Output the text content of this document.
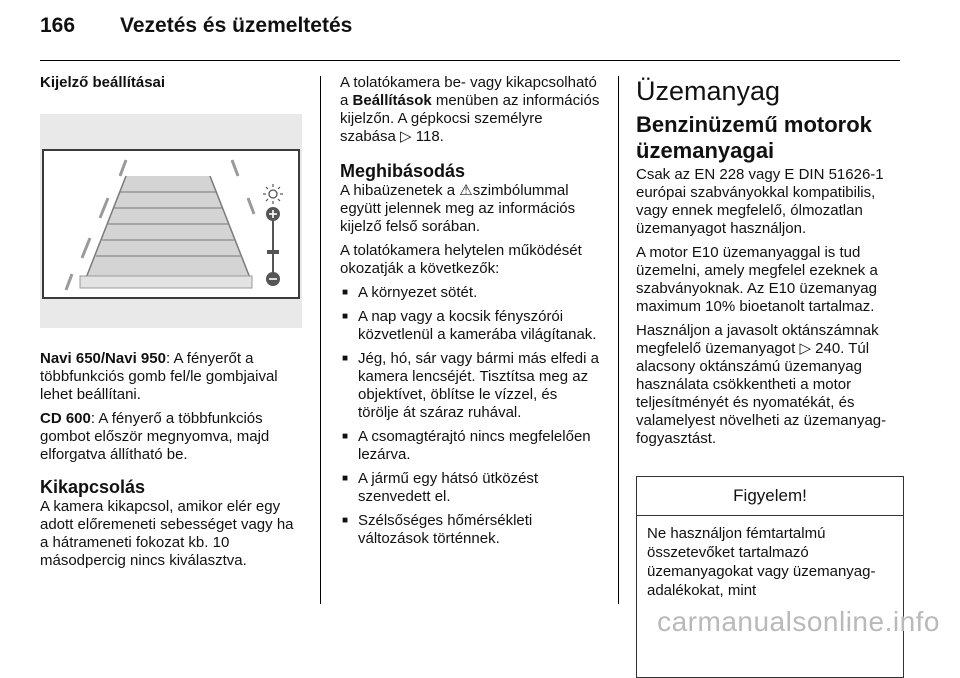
166 Vezetés és üzemeltetés
Kijelző beállításai

Navi 650/Navi 950: A fényerőt a többfunkciós gomb fel/le gombjaival lehet beállítani.

CD 600: A fényerő a többfunkciós gombot először megnyomva, majd elforgatva állítható be.

Kikapcsolás

A kamera kikapcsol, amikor elér egy adott előremeneti sebességet vagy ha a hátrameneti fokozat kb. 10 másodpercig nincs kiválasztva.

A tolatókamera be- vagy kikapcsolható a Beállítások menüben az információs kijelzőn. A gépkocsi személyre szabása ▷ 118.

Meghibásodás

A hibaüzenetek a ⚠szimbólummal együtt jelennek meg az információs kijelző felső sorában.

A tolatókamera helytelen működését okozatják a következők:

■ A környezet sötét.
■ A nap vagy a kocsik fényszórói közvetlenül a kamerába világítanak.
■ Jég, hó, sár vagy bármi más elfedi a kamera lencséjét. Tisztítsa meg az objektívet, öblítse le vízzel, és törölje át száraz ruhával.
■ A csomagtérajtó nincs megfelelően lezárva.
■ A jármű egy hátsó ütközést szenvedett el.
■ Szélsőséges hőmérsékleti változások történnek.
Üzemanyag
Benzinüzemű motorok üzemanyagai

Csak az EN 228 vagy E DIN 51626-1 európai szabványokkal kompatibilis, vagy ennek megfelelő, ólmozatlan üzemanyagot használjon.

A motor E10 üzemanyaggal is tud üzemelni, amely megfelel ezeknek a szabványoknak. Az E10 üzemanyag maximum 10% bioetanolt tartalmaz.

Használjon a javasolt oktánszámnak megfelelő üzemanyagot ▷ 240. Túl alacsony oktánszámú üzemanyag használata csökkentheti a motor teljesítményét és nyomatékát, és valamelyest növelheti az üzemanyag-fogyasztást.

Figyelem!
Ne használjon fémtartalmú összetevőket tartalmazó üzemanyagokat vagy üzemanyag-adalékokat, mint
carmanualsonline.info
